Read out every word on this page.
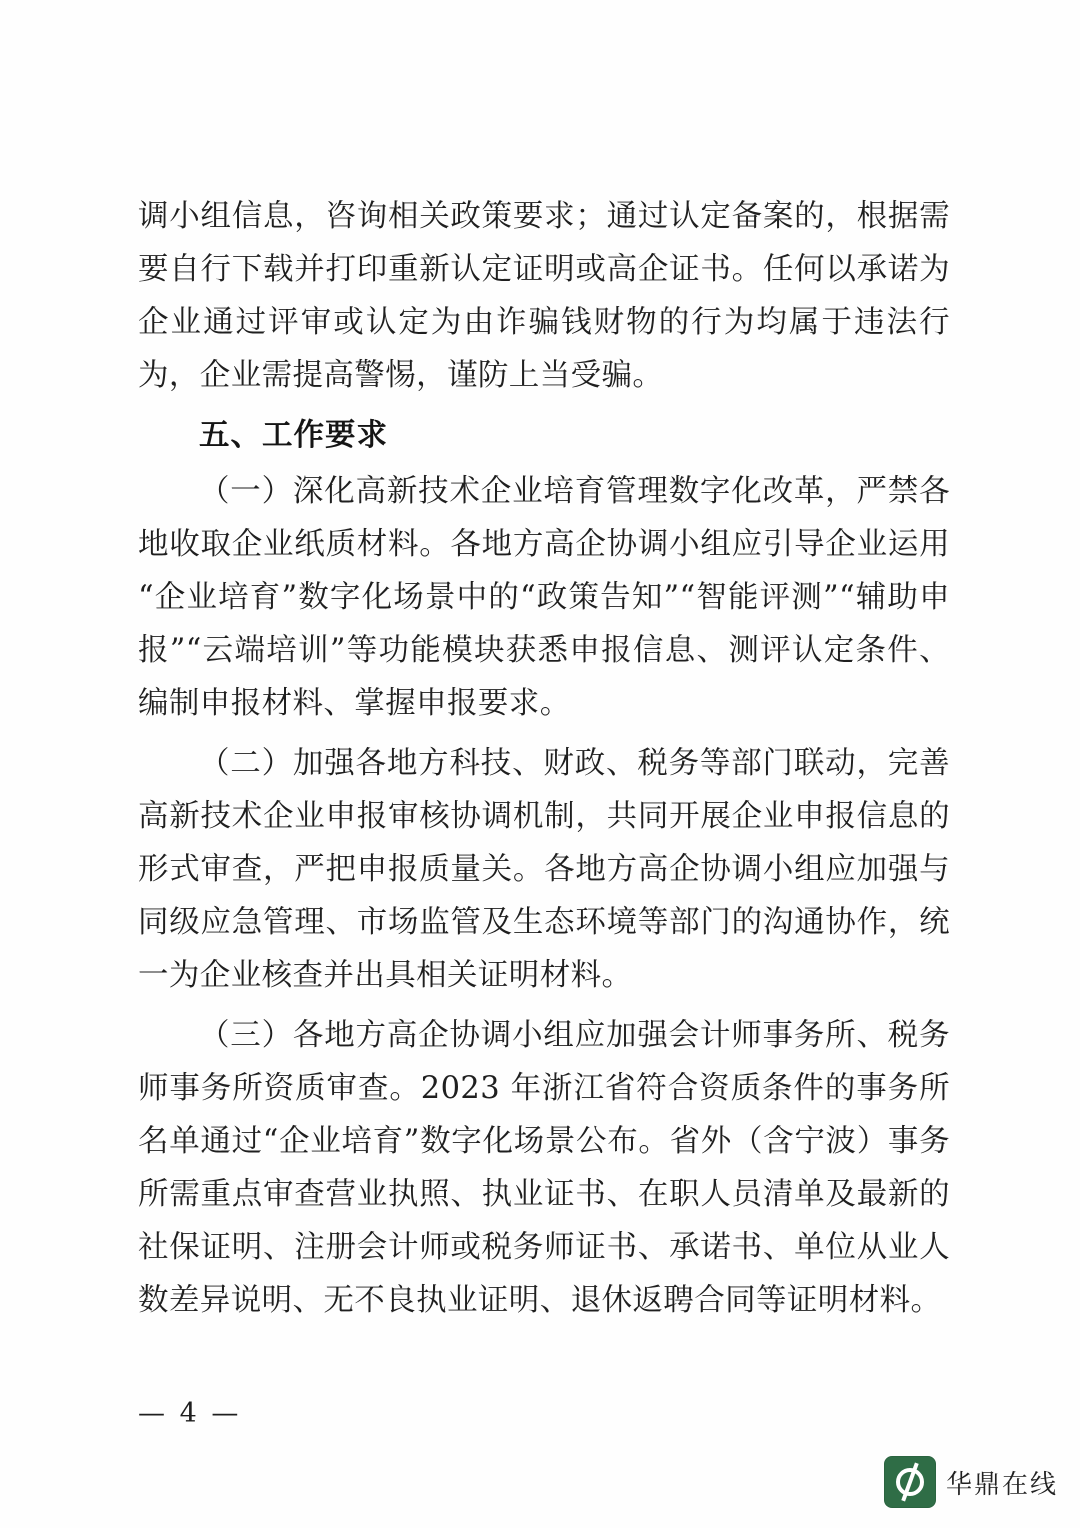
调小组信息，咨询相关政策要求；通过认定备案的，根据需要自行下载并打印重新认定证明或高企证书。任何以承诺为企业通过评审或认定为由诈骗钱财物的行为均属于违法行为，企业需提高警惕，谨防上当受骗。

五、工作要求

（一）深化高新技术企业培育管理数字化改革，严禁各地收取企业纸质材料。各地方高企协调小组应引导企业运用“企业培育”数字化场景中的“政策告知”“智能评测”“辅助申报”“云端培训”等功能模块获悉申报信息、测评认定条件、编制申报材料、掌握申报要求。

（二）加强各地方科技、财政、税务等部门联动，完善高新技术企业申报审核协调机制，共同开展企业申报信息的形式审查，严把申报质量关。各地方高企协调小组应加强与同级应急管理、市场监管及生态环境等部门的沟通协作，统一为企业核查并出具相关证明材料。

（三）各地方高企协调小组应加强会计师事务所、税务师事务所资质审查。2023 年浙江省符合资质条件的事务所名单通过“企业培育”数字化场景公布。省外（含宁波）事务所需重点审查营业执照、执业证书、在职人员清单及最新的社保证明、注册会计师或税务师证书、承诺书、单位从业人数差异说明、无不良执业证明、退休返聘合同等证明材料。

— 4 —
华鼎在线
